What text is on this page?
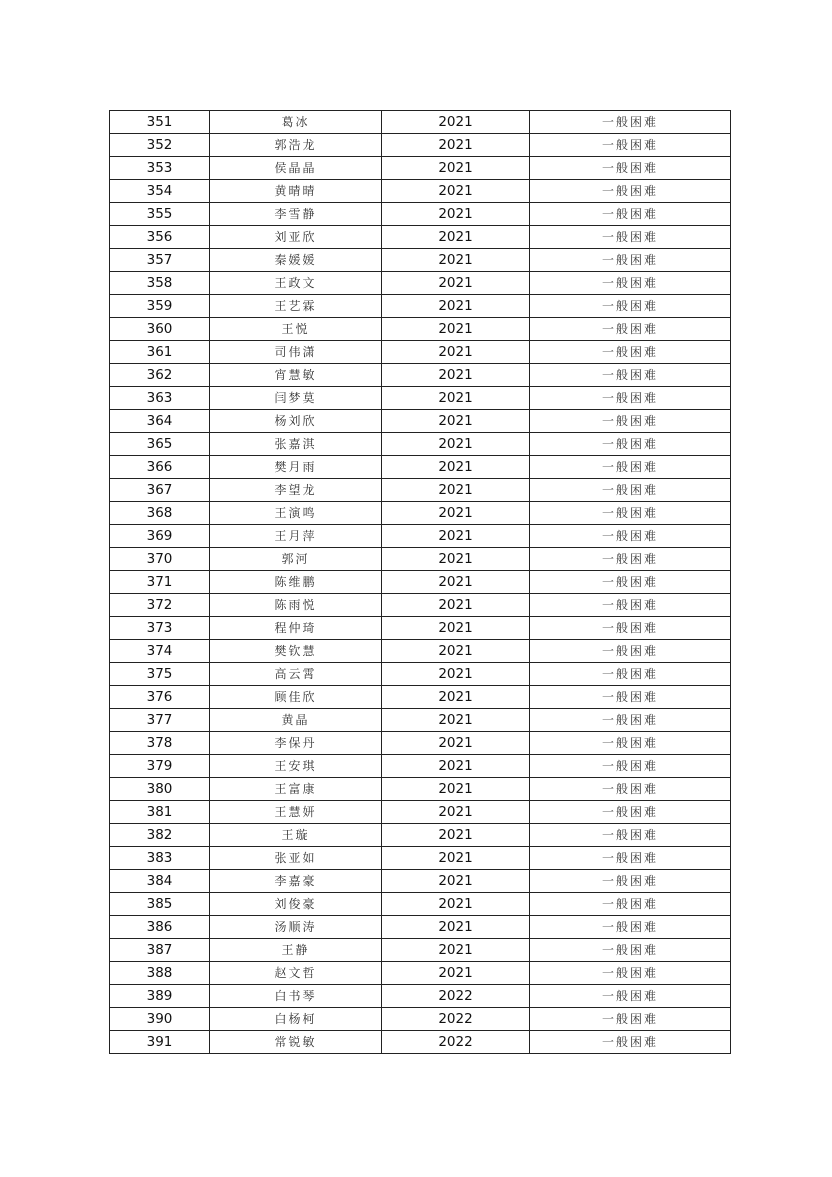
351	葛冰	2021	一般困难
352	郭浩龙	2021	一般困难
353	侯晶晶	2021	一般困难
354	黄晴晴	2021	一般困难
355	李雪静	2021	一般困难
356	刘亚欣	2021	一般困难
357	秦媛媛	2021	一般困难
358	王政文	2021	一般困难
359	王艺霖	2021	一般困难
360	王悦	2021	一般困难
361	司伟潇	2021	一般困难
362	宵慧敏	2021	一般困难
363	闫梦莫	2021	一般困难
364	杨刘欣	2021	一般困难
365	张嘉淇	2021	一般困难
366	樊月雨	2021	一般困难
367	李望龙	2021	一般困难
368	王演鸣	2021	一般困难
369	王月萍	2021	一般困难
370	郭河	2021	一般困难
371	陈维鹏	2021	一般困难
372	陈雨悦	2021	一般困难
373	程仲琦	2021	一般困难
374	樊钦慧	2021	一般困难
375	高云霄	2021	一般困难
376	顾佳欣	2021	一般困难
377	黄晶	2021	一般困难
378	李保丹	2021	一般困难
379	王安琪	2021	一般困难
380	王富康	2021	一般困难
381	王慧妍	2021	一般困难
382	王璇	2021	一般困难
383	张亚如	2021	一般困难
384	李嘉豪	2021	一般困难
385	刘俊豪	2021	一般困难
386	汤顺涛	2021	一般困难
387	王静	2021	一般困难
388	赵文哲	2021	一般困难
389	白书琴	2022	一般困难
390	白杨柯	2022	一般困难
391	常锐敏	2022	一般困难
